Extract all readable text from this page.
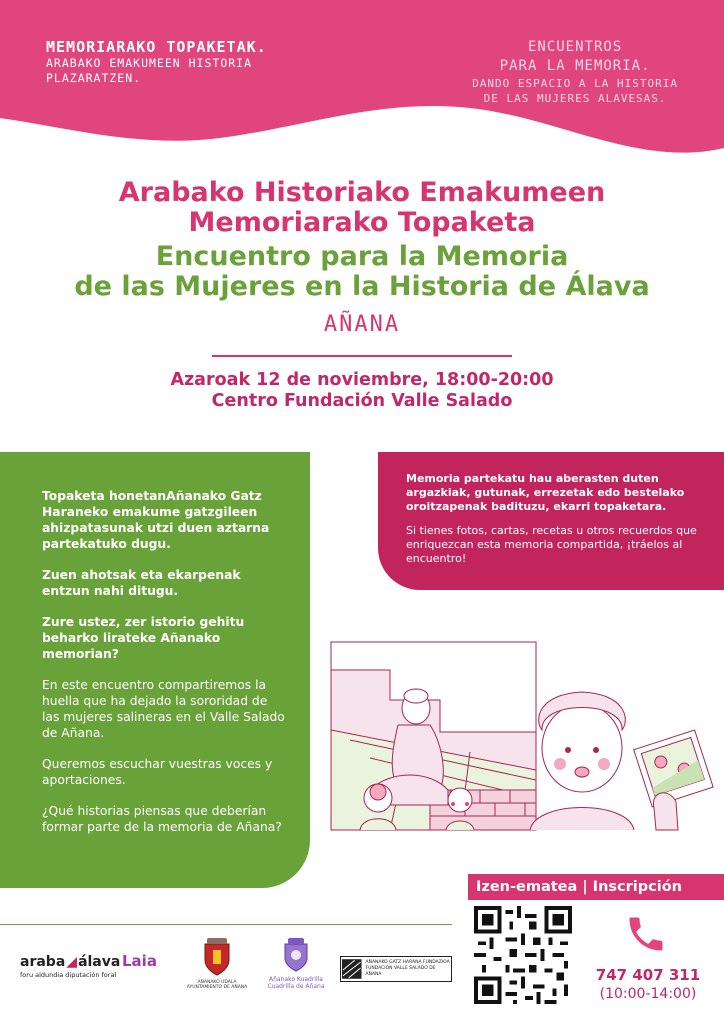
MEMORIARAKO TOPAKETAK.
ARABAKO EMAKUMEEN HISTORIA
PLAZARATZEN.
ENCUENTROS
PARA LA MEMORIA.
DANDO ESPACIO A LA HISTORIA
DE LAS MUJERES ALAVESAS.
Arabako Historiako Emakumeen
Memoriarako Topaketa
Encuentro para la Memoria
de las Mujeres en la Historia de Álava
AÑANA
Azaroak 12 de noviembre, 18:00-20:00
Centro Fundación Valle Salado
Topaketa honetanAñanako Gatz Haraneko emakume gatzgileen ahizpatasunak utzi duen aztarna partekatuko dugu.
Zuen ahotsak eta ekarpenak entzun nahi ditugu.
Zure ustez, zer istorio gehitu beharko lirateke Añanako memorian?
En este encuentro compartiremos la huella que ha dejado la sororidad de las mujeres salineras en el Valle Salado de Añana.
Queremos escuchar vuestras voces y aportaciones.
¿Qué historias piensas que deberían formar parte de la memoria de Añana?
Memoria partekatu hau aberasten duten argazkiak, gutunak, errezetak edo bestelako oroitzapenak badituzu, ekarri topaketara.
Si tienes fotos, cartas, recetas u otros recuerdos que enriquezcan esta memoria compartida, ¡tráelos al encuentro!
Izen-ematea | Inscripción
747 407 311
(10:00-14:00)
araba◢álava
foru aldundia diputación foral
Laia
AÑANAKO UDALA AYUNTAMIENTO DE AÑANA
Añanako Kuadrilla
Cuadrilla de Añana
AÑANAKO GATZ HARANA FUNDAZIOA
FUNDACIÓN VALLE SALADO DE AÑANA
